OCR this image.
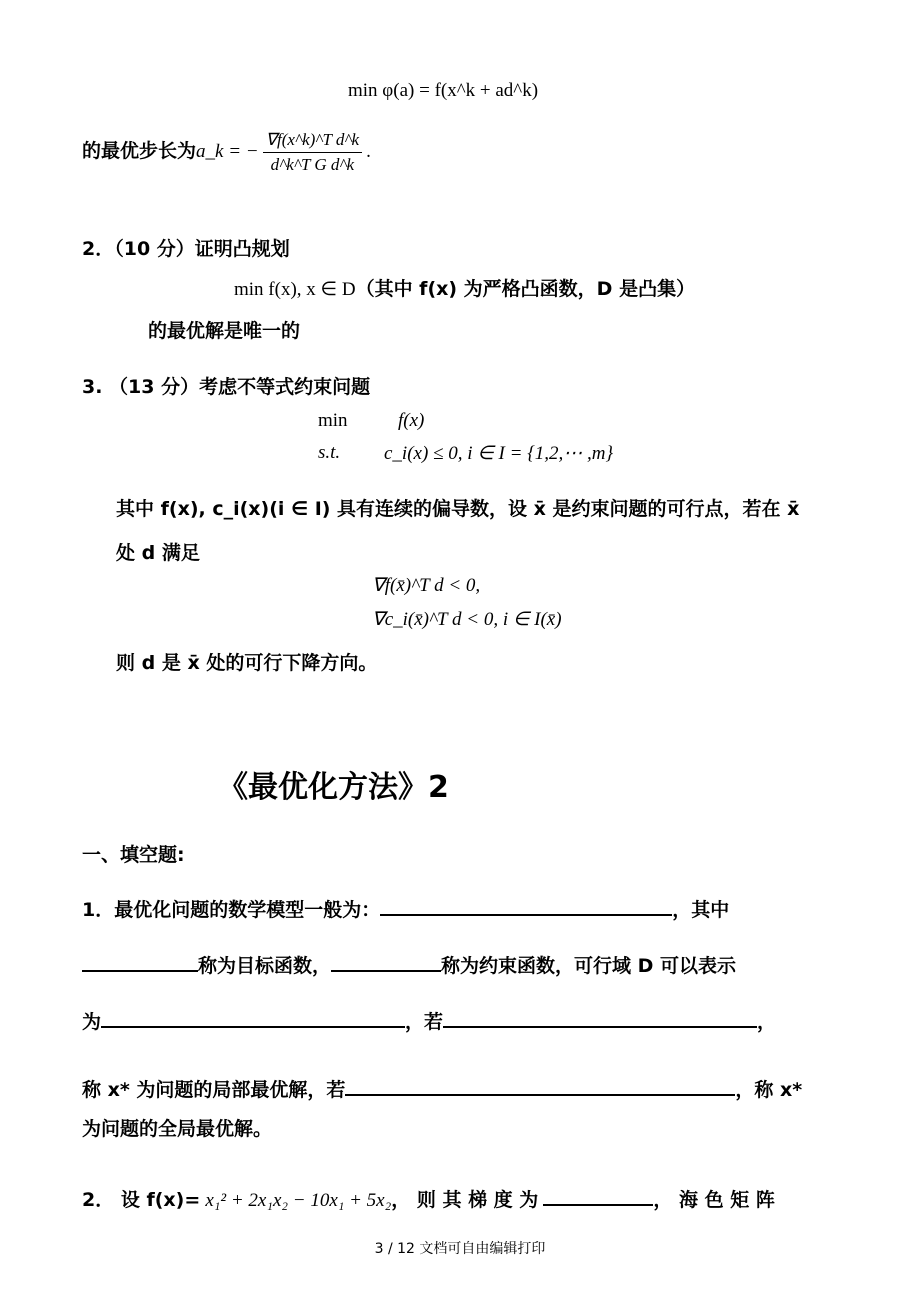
min φ(a) = f(x^k + ad^k)
的最优步长为a_k = − $\frac{\text{∇f(x\textasciicircum{}k)\textasciicircum{}T d\textasciicircum{}k}}{\text{d\textasciicircum{}k\textasciicircum{}T G d\textasciicircum{}k}}$ .
2．（10 分）证明凸规划
min f(x), x ∈ D（其中 f(x) 为严格凸函数，D 是凸集）
的最优解是唯一的
3. （13 分）考虑不等式约束问题
min	f(x)
s.t. c_i(x) ≤ 0, i ∈ I = {1,2,⋯ ,m}
其中 f(x), c_i(x)(i ∈ I) 具有连续的偏导数，设 x̄ 是约束问题的可行点，若在 x̄
处 d 满足
∇f(x̄)^T d < 0,
∇c_i(x̄)^T d < 0, i ∈ I(x̄)
则 d 是 x̄ 处的可行下降方向。
《最优化方法》2
一、填空题:
1．最优化问题的数学模型一般为：	，其中
称为目标函数，	称为约束函数，可行域 D 可以表示
为	，若	，
称 x* 为问题的局部最优解，若	，称 x*
为问题的全局最优解。
2． 设 f(x)= x₁² + 2x₁x₂ − 10x₁ + 5x₂， 则 其 梯 度 为	， 海 色 矩 阵
3 / 12 文档可自由编辑打印
